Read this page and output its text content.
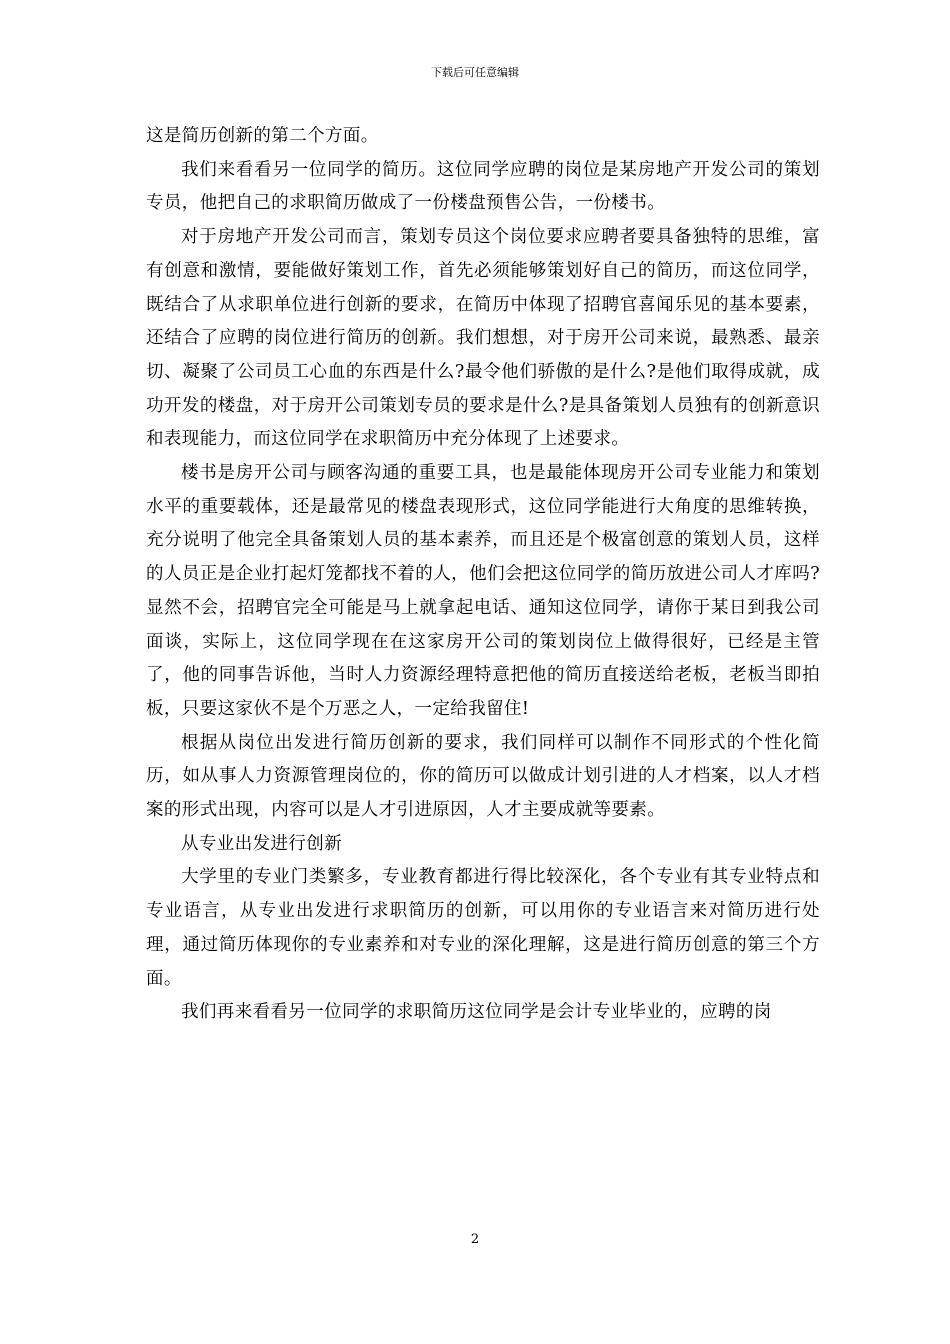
下载后可任意编辑

这是简历创新的第二个方面。

我们来看看另一位同学的简历。这位同学应聘的岗位是某房地产开发公司的策划专员，他把自己的求职简历做成了一份楼盘预售公告，一份楼书。

对于房地产开发公司而言，策划专员这个岗位要求应聘者要具备独特的思维，富有创意和激情，要能做好策划工作，首先必须能够策划好自己的简历，而这位同学，既结合了从求职单位进行创新的要求，在简历中体现了招聘官喜闻乐见的基本要素，还结合了应聘的岗位进行简历的创新。我们想想，对于房开公司来说，最熟悉、最亲切、凝聚了公司员工心血的东西是什么?最令他们骄傲的是什么?是他们取得成就，成功开发的楼盘，对于房开公司策划专员的要求是什么?是具备策划人员独有的创新意识和表现能力，而这位同学在求职简历中充分体现了上述要求。

楼书是房开公司与顾客沟通的重要工具，也是最能体现房开公司专业能力和策划水平的重要载体，还是最常见的楼盘表现形式，这位同学能进行大角度的思维转换，充分说明了他完全具备策划人员的基本素养，而且还是个极富创意的策划人员，这样的人员正是企业打起灯笼都找不着的人，他们会把这位同学的简历放进公司人才库吗?显然不会，招聘官完全可能是马上就拿起电话、通知这位同学，请你于某日到我公司面谈，实际上，这位同学现在在这家房开公司的策划岗位上做得很好，已经是主管了，他的同事告诉他，当时人力资源经理特意把他的简历直接送给老板，老板当即拍板，只要这家伙不是个万恶之人，一定给我留住!

根据从岗位出发进行简历创新的要求，我们同样可以制作不同形式的个性化简历，如从事人力资源管理岗位的，你的简历可以做成计划引进的人才档案，以人才档案的形式出现，内容可以是人才引进原因，人才主要成就等要素。

从专业出发进行创新

大学里的专业门类繁多，专业教育都进行得比较深化，各个专业有其专业特点和专业语言，从专业出发进行求职简历的创新，可以用你的专业语言来对简历进行处理，通过简历体现你的专业素养和对专业的深化理解，这是进行简历创意的第三个方面。

我们再来看看另一位同学的求职简历这位同学是会计专业毕业的，应聘的岗

2
